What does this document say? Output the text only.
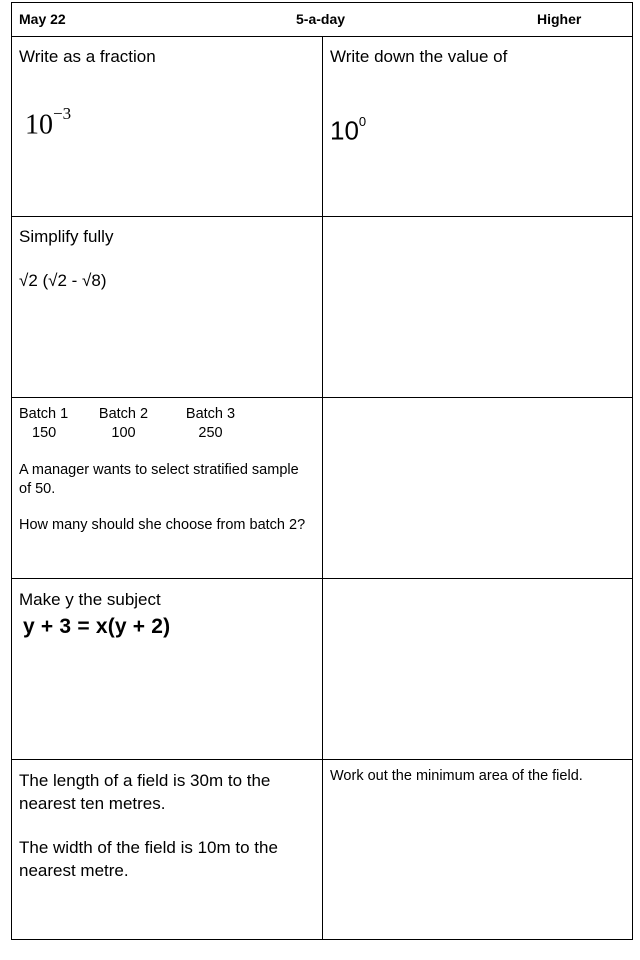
May 22	5-a-day	Higher
Write as a fraction
$10^{-3}$
Write down the value of
$10^0$
Simplify fully
√2 (√2 - √8)
Batch 1
150
Batch 2
100
Batch 3
250
A manager wants to select stratified sample of 50.
How many should she choose from batch 2?
Make y the subject
y + 3 = x(y + 2)
The length of a field is 30m to the nearest ten metres.
The width of the field is 10m to the nearest metre.
Work out the minimum area of the field.
